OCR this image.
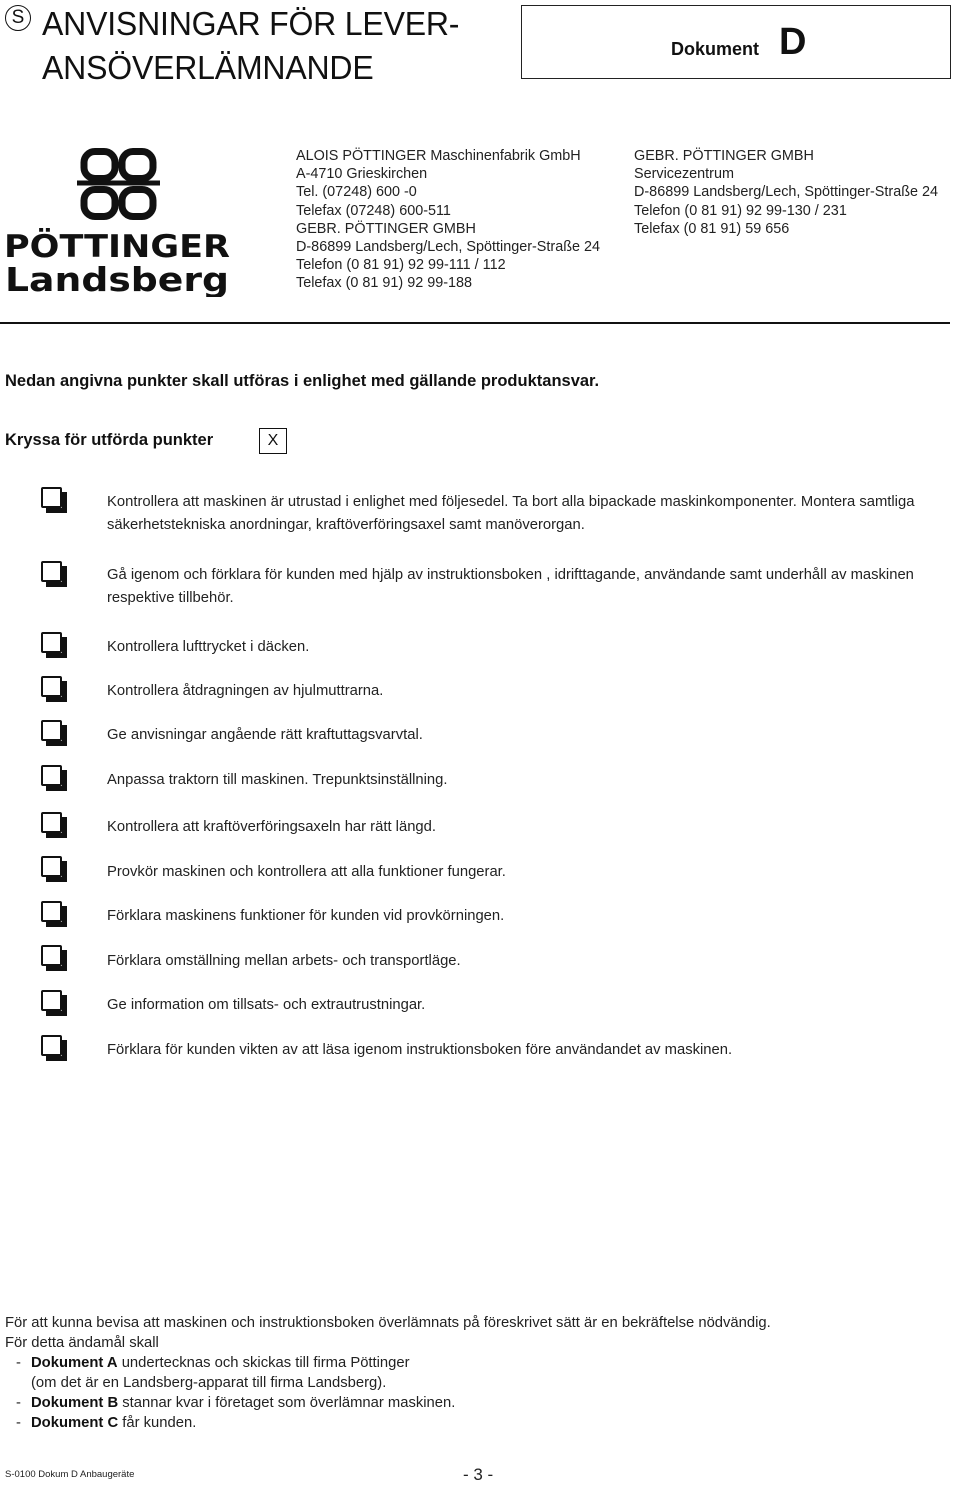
S ANVISNINGAR FÖR LEVER-
ANSÖVERLÄMNANDE	Dokument D
PÖTTINGER
Landsberg
ALOIS PÖTTINGER Maschinenfabrik GmbH
A-4710 Grieskirchen
Tel. (07248) 600 -0
Telefax (07248) 600-511
GEBR. PÖTTINGER GMBH
D-86899 Landsberg/Lech, Spöttinger-Straße 24
Telefon (0 81 91) 92 99-111 / 112
Telefax (0 81 91) 92 99-188
GEBR. PÖTTINGER GMBH
Servicezentrum
D-86899 Landsberg/Lech, Spöttinger-Straße 24
Telefon (0 81 91) 92 99-130 / 231
Telefax (0 81 91) 59 656
Nedan angivna punkter skall utföras i enlighet med gällande produktansvar.
Kryssa för utförda punkter	X
Kontrollera att maskinen är utrustad i enlighet med följesedel. Ta bort alla bipackade maskinkomponenter. Montera samtliga säkerhetstekniska anordningar, kraftöverföringsaxel samt manöverorgan.
Gå igenom och förklara för kunden med hjälp av instruktionsboken , idrifttagande, användande samt underhåll av maskinen respektive tillbehör.
Kontrollera lufttrycket i däcken.
Kontrollera åtdragningen av hjulmuttrarna.
Ge anvisningar angående rätt kraftuttagsvarvtal.
Anpassa traktorn till maskinen. Trepunktsinställning.
Kontrollera att kraftöverföringsaxeln har rätt längd.
Provkör maskinen och kontrollera att alla funktioner fungerar.
Förklara maskinens funktioner för kunden vid provkörningen.
Förklara omställning mellan arbets- och transportläge.
Ge information om tillsats- och extrautrustningar.
Förklara för kunden vikten av att läsa igenom instruktionsboken före användandet av maskinen.
För att kunna bevisa att maskinen och instruktionsboken överlämnats på föreskrivet sätt är en bekräftelse nödvändig.
För detta ändamål skall
- Dokument A undertecknas och skickas till firma Pöttinger
(om det är en Landsberg-apparat till firma Landsberg).
- Dokument B stannar kvar i företaget som överlämnar maskinen.
- Dokument C får kunden.
S-0100 Dokum D Anbaugeräte	- 3 -
